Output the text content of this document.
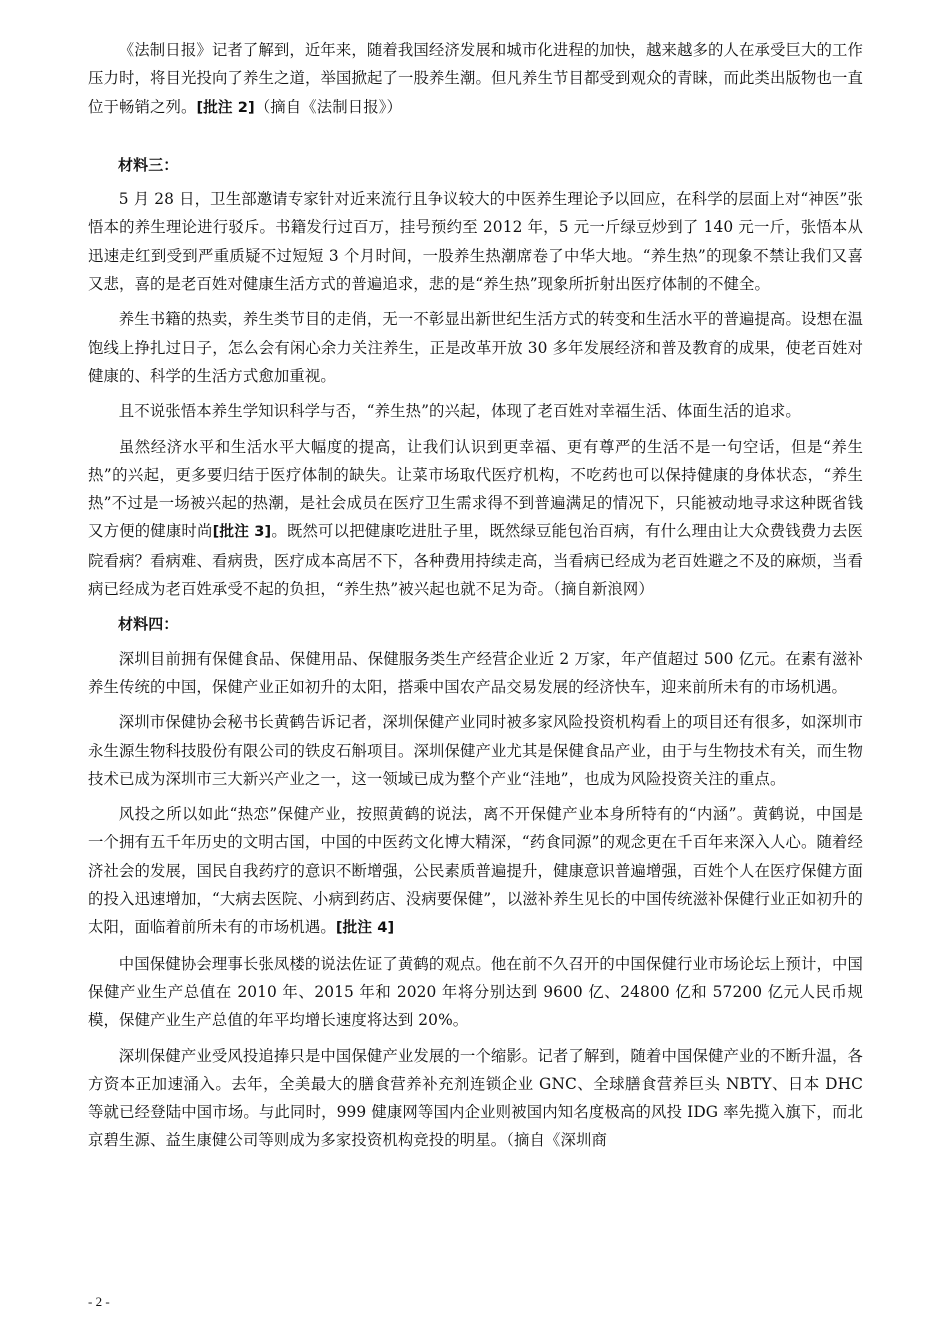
《法制日报》记者了解到，近年来，随着我国经济发展和城市化进程的加快，越来越多的人在承受巨大的工作压力时，将目光投向了养生之道，举国掀起了一股养生潮。但凡养生节目都受到观众的青睐，而此类出版物也一直位于畅销之列。[批注 2]（摘自《法制日报》）

材料三：

5 月 28 日，卫生部邀请专家针对近来流行且争议较大的中医养生理论予以回应，在科学的层面上对“神医”张悟本的养生理论进行驳斥。书籍发行过百万，挂号预约至 2012 年，5 元一斤绿豆炒到了 140 元一斤，张悟本从迅速走红到受到严重质疑不过短短 3 个月时间，一股养生热潮席卷了中华大地。“养生热”的现象不禁让我们又喜又悲，喜的是老百姓对健康生活方式的普遍追求，悲的是“养生热”现象所折射出医疗体制的不健全。

养生书籍的热卖，养生类节目的走俏，无一不彰显出新世纪生活方式的转变和生活水平的普遍提高。设想在温饱线上挣扎过日子，怎么会有闲心余力关注养生，正是改革开放 30 多年发展经济和普及教育的成果，使老百姓对健康的、科学的生活方式愈加重视。

且不说张悟本养生学知识科学与否，“养生热”的兴起，体现了老百姓对幸福生活、体面生活的追求。

虽然经济水平和生活水平大幅度的提高，让我们认识到更幸福、更有尊严的生活不是一句空话，但是“养生热”的兴起，更多要归结于医疗体制的缺失。让菜市场取代医疗机构，不吃药也可以保持健康的身体状态，“养生热”不过是一场被兴起的热潮，是社会成员在医疗卫生需求得不到普遍满足的情况下，只能被动地寻求这种既省钱又方便的健康时尚[批注 3]。既然可以把健康吃进肚子里，既然绿豆能包治百病，有什么理由让大众费钱费力去医院看病？看病难、看病贵，医疗成本高居不下，各种费用持续走高，当看病已经成为老百姓避之不及的麻烦，当看病已经成为老百姓承受不起的负担，“养生热”被兴起也就不足为奇。（摘自新浪网）

材料四：

深圳目前拥有保健食品、保健用品、保健服务类生产经营企业近 2 万家，年产值超过 500 亿元。在素有滋补养生传统的中国，保健产业正如初升的太阳，搭乘中国农产品交易发展的经济快车，迎来前所未有的市场机遇。

深圳市保健协会秘书长黄鹤告诉记者，深圳保健产业同时被多家风险投资机构看上的项目还有很多，如深圳市永生源生物科技股份有限公司的铁皮石斛项目。深圳保健产业尤其是保健食品产业，由于与生物技术有关，而生物技术已成为深圳市三大新兴产业之一，这一领域已成为整个产业“洼地”，也成为风险投资关注的重点。

风投之所以如此“热恋”保健产业，按照黄鹤的说法，离不开保健产业本身所特有的“内涵”。黄鹤说，中国是一个拥有五千年历史的文明古国，中国的中医药文化博大精深，“药食同源”的观念更在千百年来深入人心。随着经济社会的发展，国民自我药疗的意识不断增强，公民素质普遍提升，健康意识普遍增强，百姓个人在医疗保健方面的投入迅速增加，“大病去医院、小病到药店、没病要保健”，以滋补养生见长的中国传统滋补保健行业正如初升的太阳，面临着前所未有的市场机遇。[批注 4]

中国保健协会理事长张凤楼的说法佐证了黄鹤的观点。他在前不久召开的中国保健行业市场论坛上预计，中国保健产业生产总值在 2010 年、2015 年和 2020 年将分别达到 9600 亿、24800 亿和 57200 亿元人民币规模，保健产业生产总值的年平均增长速度将达到 20%。

深圳保健产业受风投追捧只是中国保健产业发展的一个缩影。记者了解到，随着中国保健产业的不断升温，各方资本正加速涌入。去年，全美最大的膳食营养补充剂连锁企业 GNC、全球膳食营养巨头 NBTY、日本 DHC 等就已经登陆中国市场。与此同时，999 健康网等国内企业则被国内知名度极高的风投 IDG 率先揽入旗下，而北京碧生源、益生康健公司等则成为多家投资机构竞投的明星。（摘自《深圳商

- 2 -
